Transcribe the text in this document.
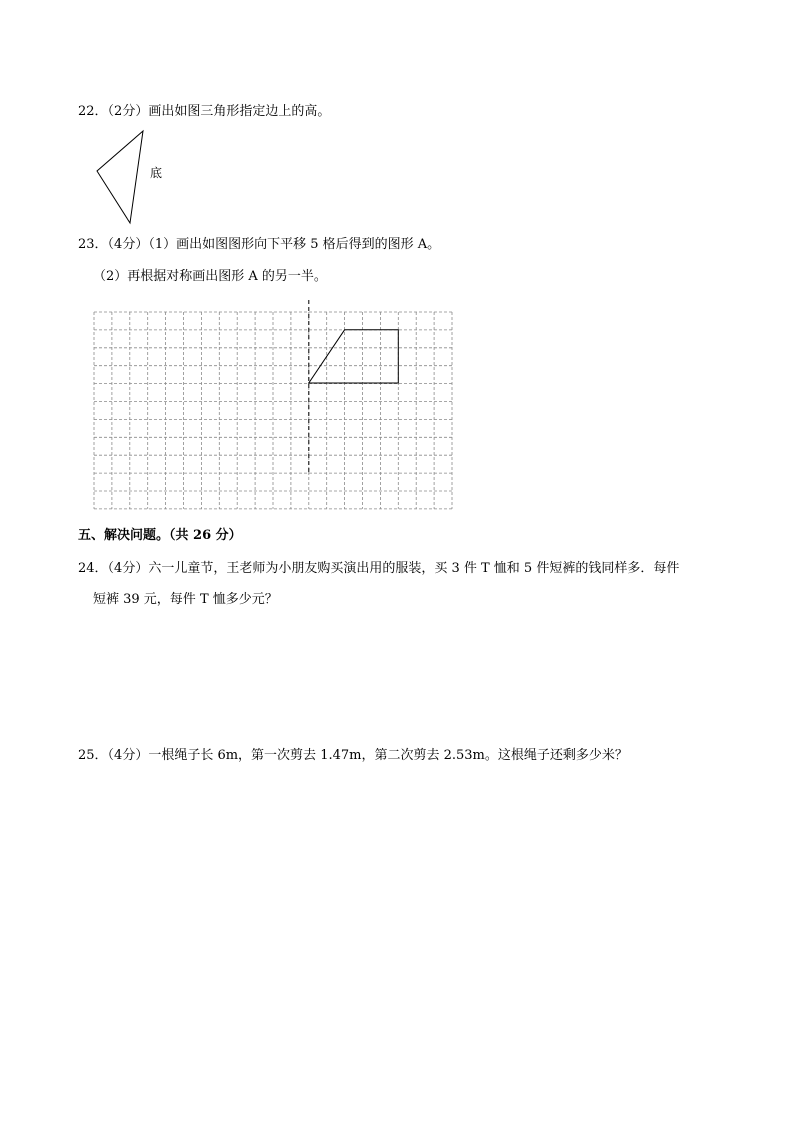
22．（2分）画出如图三角形指定边上的高。
底
23．（4分）（1）画出如图图形向下平移 5 格后得到的图形 A。
（2）再根据对称画出图形 A 的另一半。
五、解决问题。（共 26 分）
24．（4分）六一儿童节，王老师为小朋友购买演出用的服装，买 3 件 T 恤和 5 件短裤的钱同样多．每件
短裤 39 元，每件 T 恤多少元？
25．（4分）一根绳子长 6m，第一次剪去 1.47m，第二次剪去 2.53m。这根绳子还剩多少米？
